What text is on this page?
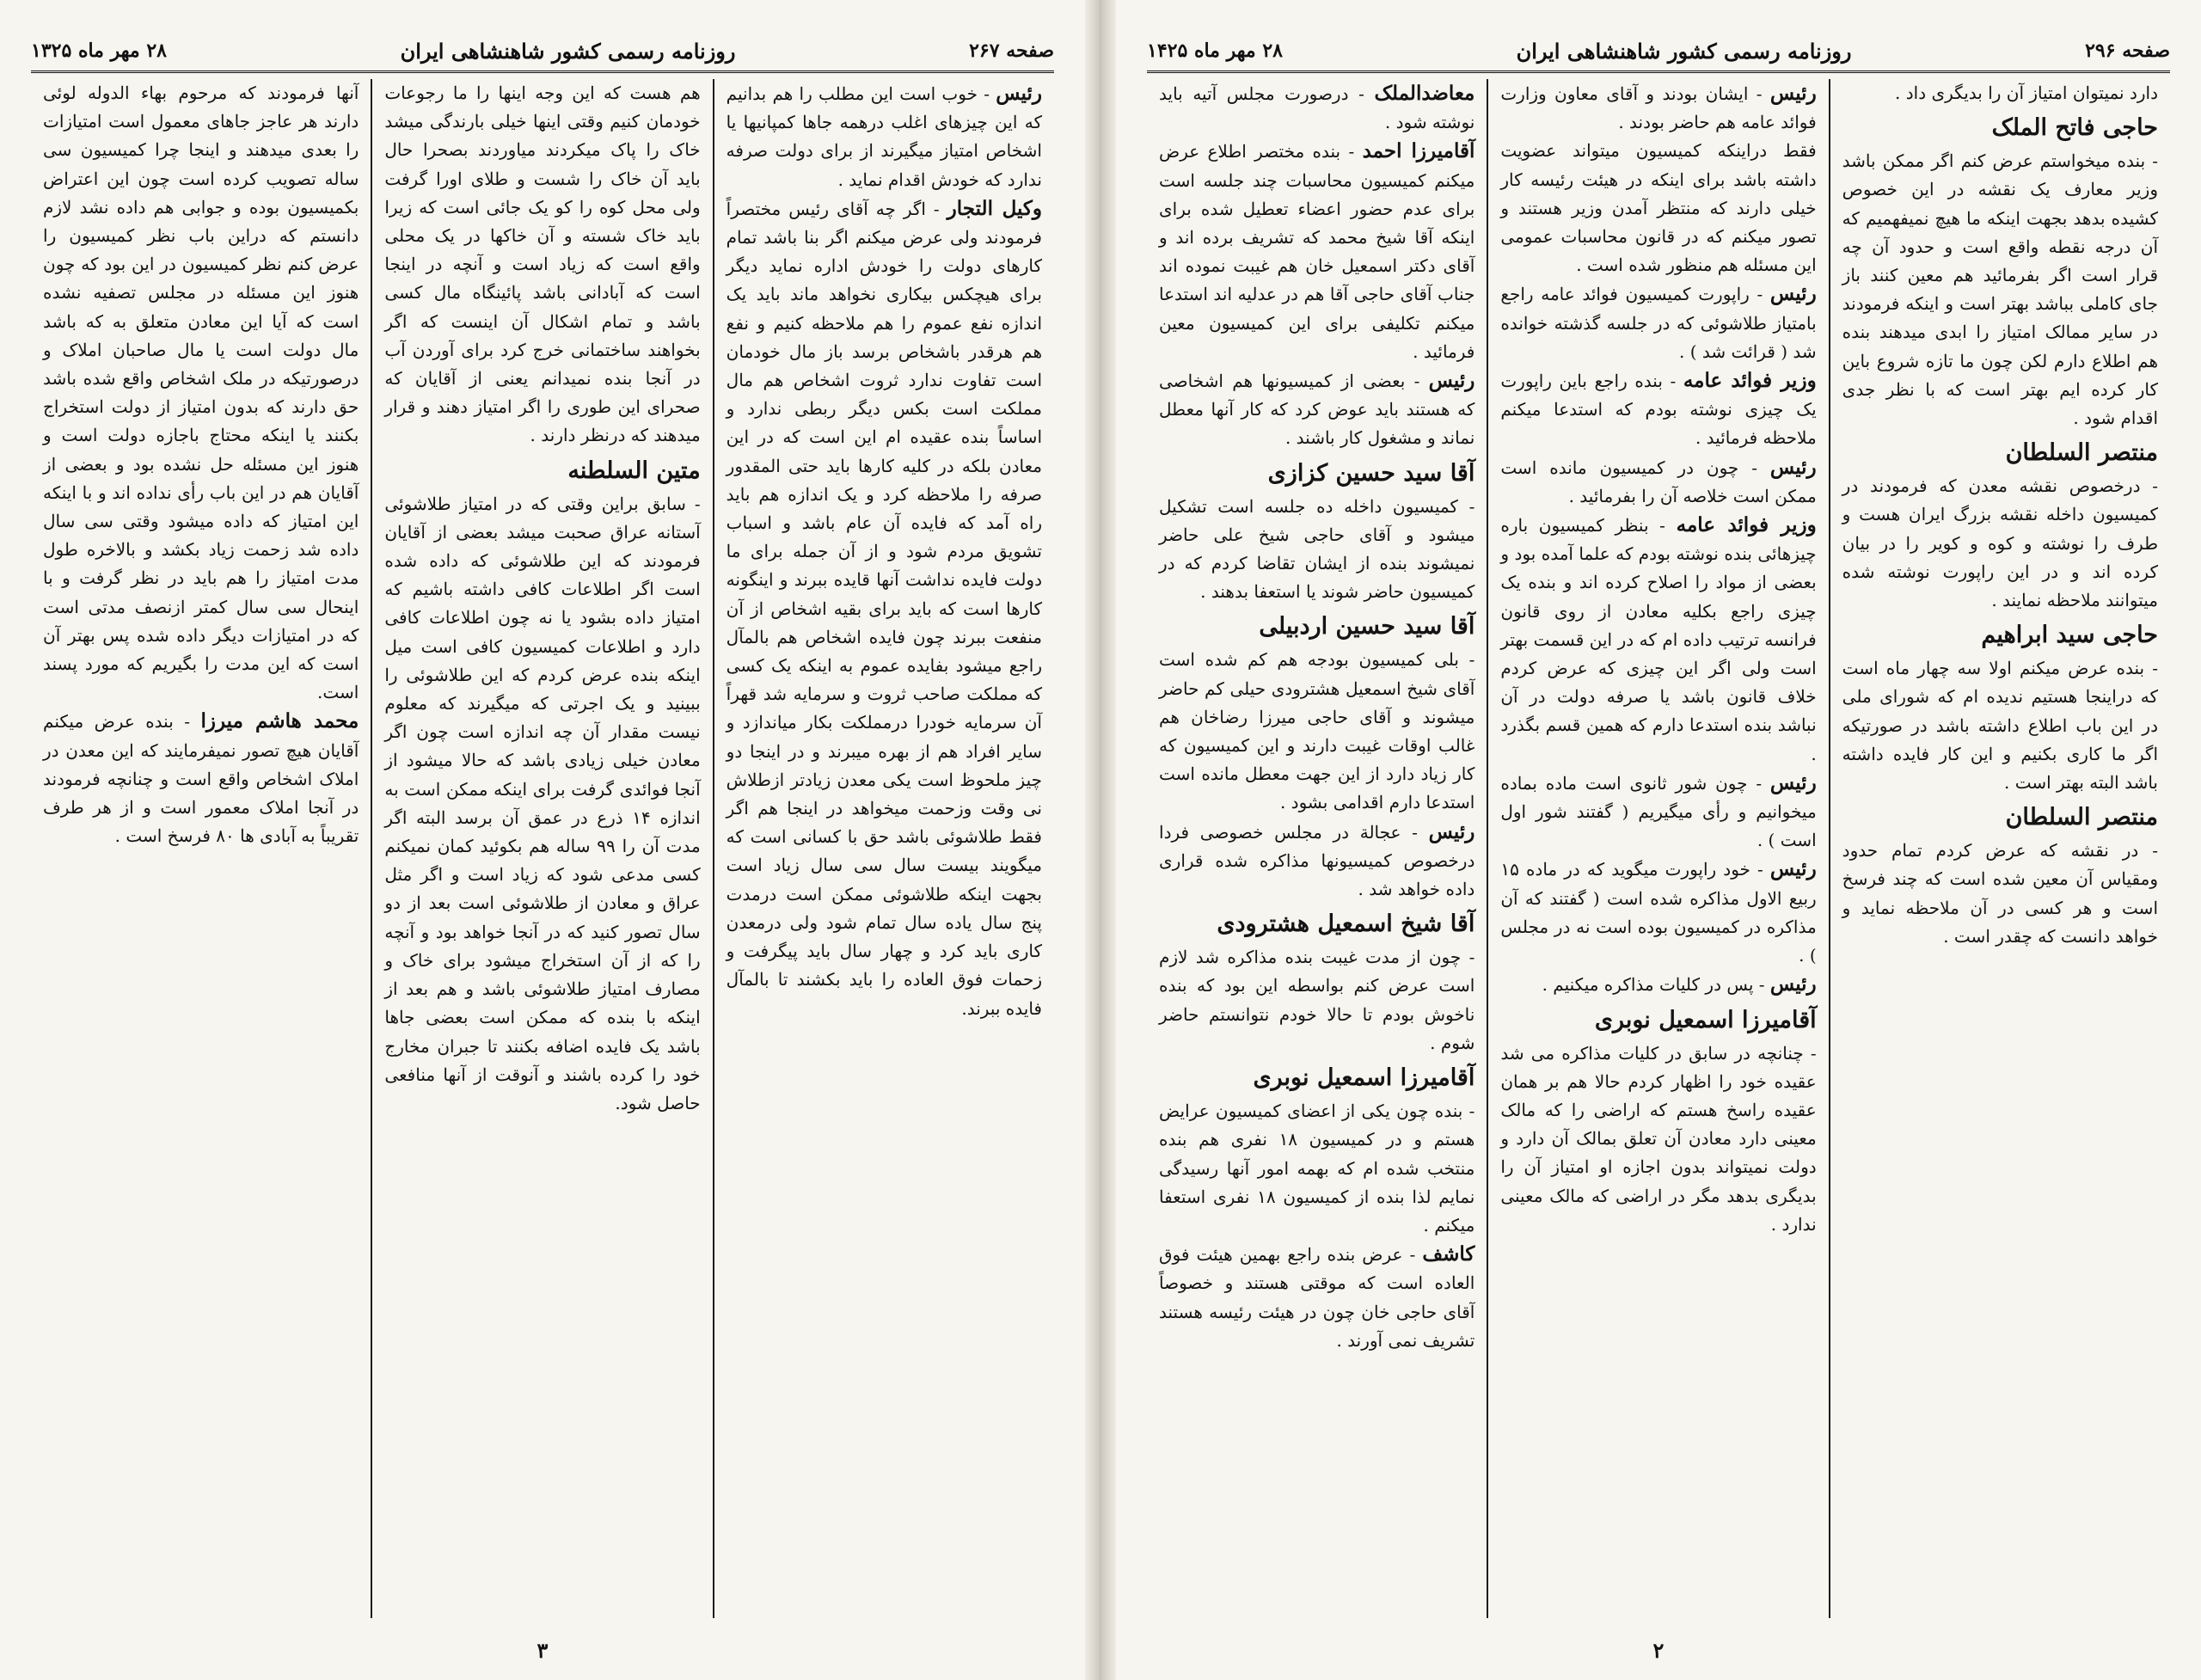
صفحه ۲۶۷
روزنامه رسمی کشور شاهنشاهی ایران
۲۸ مهر ماه ۱۳۲۵
رئیس - خوب است این مطلب را هم بدانیم که این چیزهای اغلب درهمه جاها کمپانیها یا اشخاص امتیاز میگیرند از برای دولت صرفه ندارد که خودش اقدام نماید .
وکیل التجار - اگر چه آقای رئیس مختصراً فرمودند ولی عرض میکنم اگر بنا باشد تمام کارهای دولت را خودش اداره نماید دیگر برای هیچکس بیکاری نخواهد ماند باید یک اندازه نفع عموم را هم ملاحظه کنیم و نفع هم هرقدر باشخاص برسد باز مال خودمان است تفاوت ندارد ثروت اشخاص هم مال مملکت است بکس دیگر ربطی ندارد و اساساً بنده عقیده ام این است که در این معادن بلکه در کلیه کارها باید حتی المقدور صرفه را ملاحظه کرد و یک اندازه هم باید راه آمد که فایده آن عام باشد و اسباب تشویق مردم شود و از آن جمله برای ما دولت فایده نداشت آنها قایده ببرند و اینگونه کارها است که باید برای بقیه اشخاص از آن منفعت ببرند چون فایده اشخاص هم بالمآل راجع میشود بفایده عموم به اینکه یک کسی که مملکت صاحب ثروت و سرمایه شد قهراً آن سرمایه خودرا درمملکت بکار میاندازد و سایر افراد هم از بهره میبرند و در اینجا دو چیز ملحوظ است یکی معدن زیادتر ازطلاش نی وقت وزحمت میخواهد در اینجا هم اگر فقط طلاشوئی باشد حق با کسانی است که میگویند بیست سال سی سال زیاد است بجهت اینکه طلاشوئی ممکن است درمدت پنج سال یاده سال تمام شود ولی درمعدن کاری باید کرد و چهار سال باید پیگرفت و زحمات فوق العاده را باید بکشند تا بالمآل فایده ببرند.
هم هست که این وجه اینها را ما رجوعات خودمان کنیم وقتی اینها خیلی بارندگی میشد خاک را پاک میکردند میاوردند بصحرا حال باید آن خاک را شست و طلای اورا گرفت ولی محل کوه را کو یک جائی است که زیرا باید خاک شسته و آن خاکها در یک محلی واقع است که زیاد است و آنچه در اینجا است که آبادانی باشد پائینگاه مال کسی باشد و تمام اشکال آن اینست که اگر بخواهند ساختمانی خرج کرد برای آوردن آب در آنجا بنده نمیدانم یعنی از آقایان که صحرای این طوری را اگر امتیاز دهند و قرار میدهند که درنظر دارند .
متین السلطنه
- سابق براین وقتی که در امتیاز طلاشوئی آستانه عراق صحبت میشد بعضی از آقایان فرمودند که این طلاشوئی که داده شده است اگر اطلاعات کافی داشته باشیم که امتیاز داده بشود یا نه چون اطلاعات کافی دارد و اطلاعات کمیسیون کافی است میل اینکه بنده عرض کردم که این طلاشوئی را ببینید و یک اجرتی که میگیرند که معلوم نیست مقدار آن چه اندازه است چون اگر معادن خیلی زیادی باشد که حالا میشود از آنجا فوائدی گرفت برای اینکه ممکن است به اندازه ۱۴ ذرع در عمق آن برسد البته اگر مدت آن را ۹۹ ساله هم بکوئید کمان نمیکنم کسی مدعی شود که زیاد است و اگر مثل عراق و معادن از طلاشوئی است بعد از دو سال تصور کنید که در آنجا خواهد بود و آنچه را که از آن استخراج میشود برای خاک و مصارف امتیاز طلاشوئی باشد و هم بعد از اینکه با بنده که ممکن است بعضی جاها باشد یک فایده اضافه بکنند تا جبران مخارج خود را کرده باشند و آنوقت از آنها منافعی حاصل شود.
آنها فرمودند که مرحوم بهاء الدوله لوئی دارند هر عاجز جاهای معمول است امتیازات را بعدی میدهند و اینجا چرا کمیسیون سی ساله تصویب کرده است چون این اعتراض بکمیسیون بوده و جوابی هم داده نشد لازم دانستم که دراین باب نظر کمیسیون را عرض کنم نظر کمیسیون در این بود که چون هنوز این مسئله در مجلس تصفیه نشده است که آیا این معادن متعلق به که باشد مال دولت است یا مال صاحبان املاک و درصورتیکه در ملک اشخاص واقع شده باشد حق دارند که بدون امتیاز از دولت استخراج بکنند یا اینکه محتاج باجازه دولت است و هنوز این مسئله حل نشده بود و بعضی از آقایان هم در این باب رأی نداده اند و با اینکه این امتیاز که داده میشود وقتی سی سال داده شد زحمت زیاد بکشد و بالاخره طول مدت امتیاز را هم باید در نظر گرفت و با اینحال سی سال کمتر ازنصف مدتی است که در امتیازات دیگر داده شده پس بهتر آن است که این مدت را بگیریم که مورد پسند است.
محمد هاشم میرزا - بنده عرض میکنم آقایان هیچ تصور نمیفرمایند که این معدن در املاک اشخاص واقع است و چنانچه فرمودند در آنجا املاک معمور است و از هر طرف تقریباً به آبادی ها ۸۰ فرسخ است .
۳
صفحه ۲۹۶
روزنامه رسمی کشور شاهنشاهی ایران
۲۸ مهر ماه ۱۴۲۵
دارد نمیتوان امتیاز آن را بدیگری داد .
حاجی فاتح الملک
- بنده میخواستم عرض کنم اگر ممکن باشد وزیر معارف یک نقشه در این خصوص کشیده بدهد بجهت اینکه ما هیچ نمیفهمیم که آن درجه نقطه واقع است و حدود آن چه قرار است اگر بفرمائید هم معین کنند باز جای کاملی بباشد بهتر است و اینکه فرمودند در سایر ممالک امتیاز را ابدی میدهند بنده هم اطلاع دارم لکن چون ما تازه شروع باین کار کرده ایم بهتر است که با نظر جدی اقدام شود .
منتصر السلطان
- درخصوص نقشه معدن که فرمودند در کمیسیون داخله نقشه بزرگ ایران هست و طرف را نوشته و کوه و کویر را در بیان کرده اند و در این راپورت نوشته شده میتوانند ملاحظه نمایند .
حاجی سید ابراهیم
- بنده عرض میکنم اولا سه چهار ماه است که دراینجا هستیم ندیده ام که شورای ملی در این باب اطلاع داشته باشد در صورتیکه اگر ما کاری بکنیم و این کار فایده داشته باشد البته بهتر است .
منتصر السلطان
- در نقشه که عرض کردم تمام حدود ومقیاس آن معین شده است که چند فرسخ است و هر کسی در آن ملاحظه نماید و خواهد دانست که چقدر است .
رئیس - ایشان بودند و آقای معاون وزارت فوائد عامه هم حاضر بودند .
فقط دراینکه کمیسیون میتواند عضویت داشته باشد برای اینکه در هیئت رئیسه کار خیلی دارند که منتظر آمدن وزیر هستند و تصور میکنم که در قانون محاسبات عمومی این مسئله هم منظور شده است .
رئیس - راپورت کمیسیون فوائد عامه راجع بامتیاز طلاشوئی که در جلسه گذشته خوانده شد ( قرائت شد ) .
وزیر فوائد عامه - بنده راجع باین راپورت یک چیزی نوشته بودم که استدعا میکنم ملاحظه فرمائید .
رئیس - چون در کمیسیون مانده است ممکن است خلاصه آن را بفرمائید .
وزیر فوائد عامه - بنظر کمیسیون باره چیزهائی بنده نوشته بودم که علما آمده بود و بعضی از مواد را اصلاح کرده اند و بنده یک چیزی راجع بکلیه معادن از روی قانون فرانسه ترتیب داده ام که در این قسمت بهتر است ولی اگر این چیزی که عرض کردم خلاف قانون باشد یا صرفه دولت در آن نباشد بنده استدعا دارم که همین قسم بگذرد .
رئیس - چون شور ثانوی است ماده بماده میخوانیم و رأی میگیریم ( گفتند شور اول است ) .
رئیس - خود راپورت میگوید که در ماده ۱۵ ربیع الاول مذاکره شده است ( گفتند که آن مذاکره در کمیسیون بوده است نه در مجلس ) .
رئیس - پس در کلیات مذاکره میکنیم .
آقامیرزا اسمعیل نوبری
- چنانچه در سابق در کلیات مذاکره می شد عقیده خود را اظهار کردم حالا هم بر همان عقیده راسخ هستم که اراضی را که مالک معینی دارد معادن آن تعلق بمالک آن دارد و دولت نمیتواند بدون اجازه او امتیاز آن را بدیگری بدهد مگر در اراضی که مالک معینی ندارد .
معاضدالملک - درصورت مجلس آتیه باید نوشته شود .
آقامیرزا احمد - بنده مختصر اطلاع عرض میکنم کمیسیون محاسبات چند جلسه است برای عدم حضور اعضاء تعطیل شده برای اینکه آقا شیخ محمد که تشریف برده اند و آقای دکتر اسمعیل خان هم غیبت نموده اند جناب آقای حاجی آقا هم در عدلیه اند استدعا میکنم تکلیفی برای این کمیسیون معین فرمائید .
رئیس - بعضی از کمیسیونها هم اشخاصی که هستند باید عوض کرد که کار آنها معطل نماند و مشغول کار باشند .
آقا سید حسین کزازی
- کمیسیون داخله ده جلسه است تشکیل میشود و آقای حاجی شیخ علی حاضر نمیشوند بنده از ایشان تقاضا کردم که در کمیسیون حاضر شوند یا استعفا بدهند .
آقا سید حسین اردبیلی
- بلی کمیسیون بودجه هم کم شده است آقای شیخ اسمعیل هشترودی حیلی کم حاضر میشوند و آقای حاجی میرزا رضاخان هم غالب اوقات غیبت دارند و این کمیسیون که کار زیاد دارد از این جهت معطل مانده است استدعا دارم اقدامی بشود .
رئیس - عجالة در مجلس خصوصی فردا درخصوص کمیسیونها مذاکره شده قراری داده خواهد شد .
آقا شیخ اسمعیل هشترودی
- چون از مدت غیبت بنده مذاکره شد لازم است عرض کنم بواسطه این بود که بنده ناخوش بودم تا حالا خودم نتوانستم حاضر شوم .
آقامیرزا اسمعیل نوبری
- بنده چون یکی از اعضای کمیسیون عرایض هستم و در کمیسیون ۱۸ نفری هم بنده منتخب شده ام که بهمه امور آنها رسیدگی نمایم لذا بنده از کمیسیون ۱۸ نفری استعفا میکنم .
کاشف - عرض بنده راجع بهمین هیئت فوق العاده است که موقتی هستند و خصوصاً آقای حاجی خان چون در هیئت رئیسه هستند تشریف نمی آورند .
۲
